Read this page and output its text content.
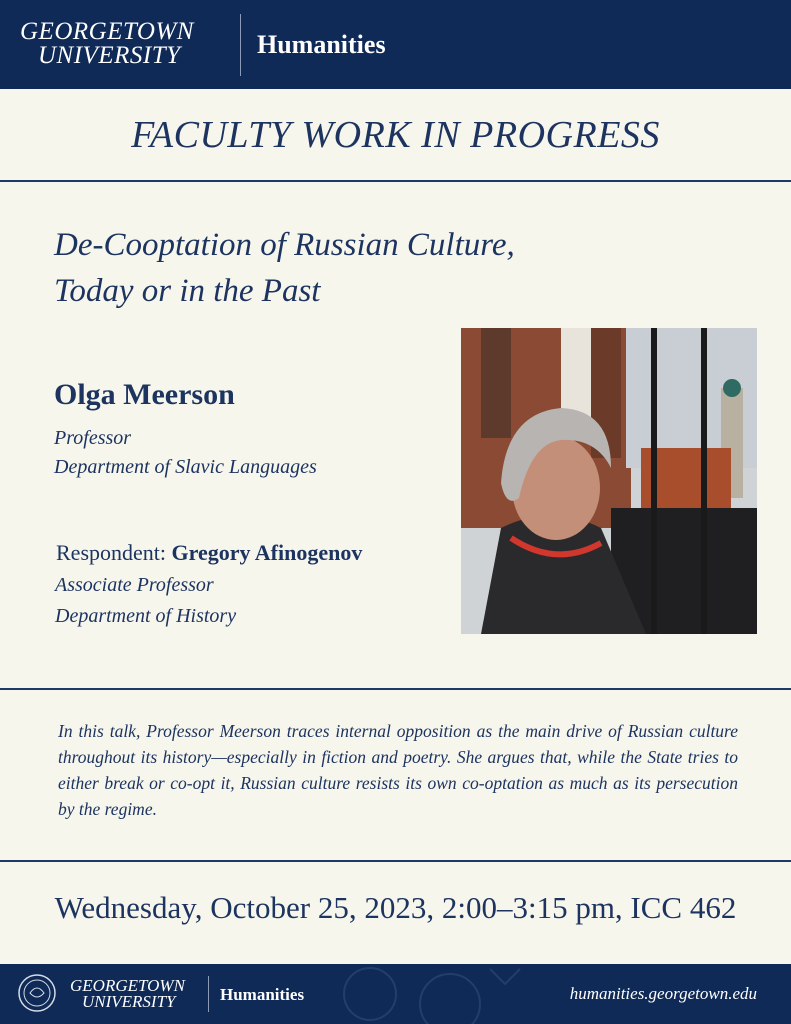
GEORGETOWN
UNIVERSITY	Humanities
FACULTY WORK IN PROGRESS
De-Cooptation of Russian Culture,
Today or in the Past
Olga Meerson
Professor
Department of Slavic Languages
Respondent: Gregory Afinogenov
Associate Professor
Department of History
In this talk, Professor Meerson traces internal opposition as the main drive of Russian culture throughout its history—especially in fiction and poetry. She argues that, while the State tries to either break or co-opt it, Russian culture resists its own co-optation as much as its persecution by the regime.
Wednesday, October 25, 2023, 2:00–3:15 pm, ICC 462
GEORGETOWN
UNIVERSITY	Humanities	humanities.georgetown.edu
